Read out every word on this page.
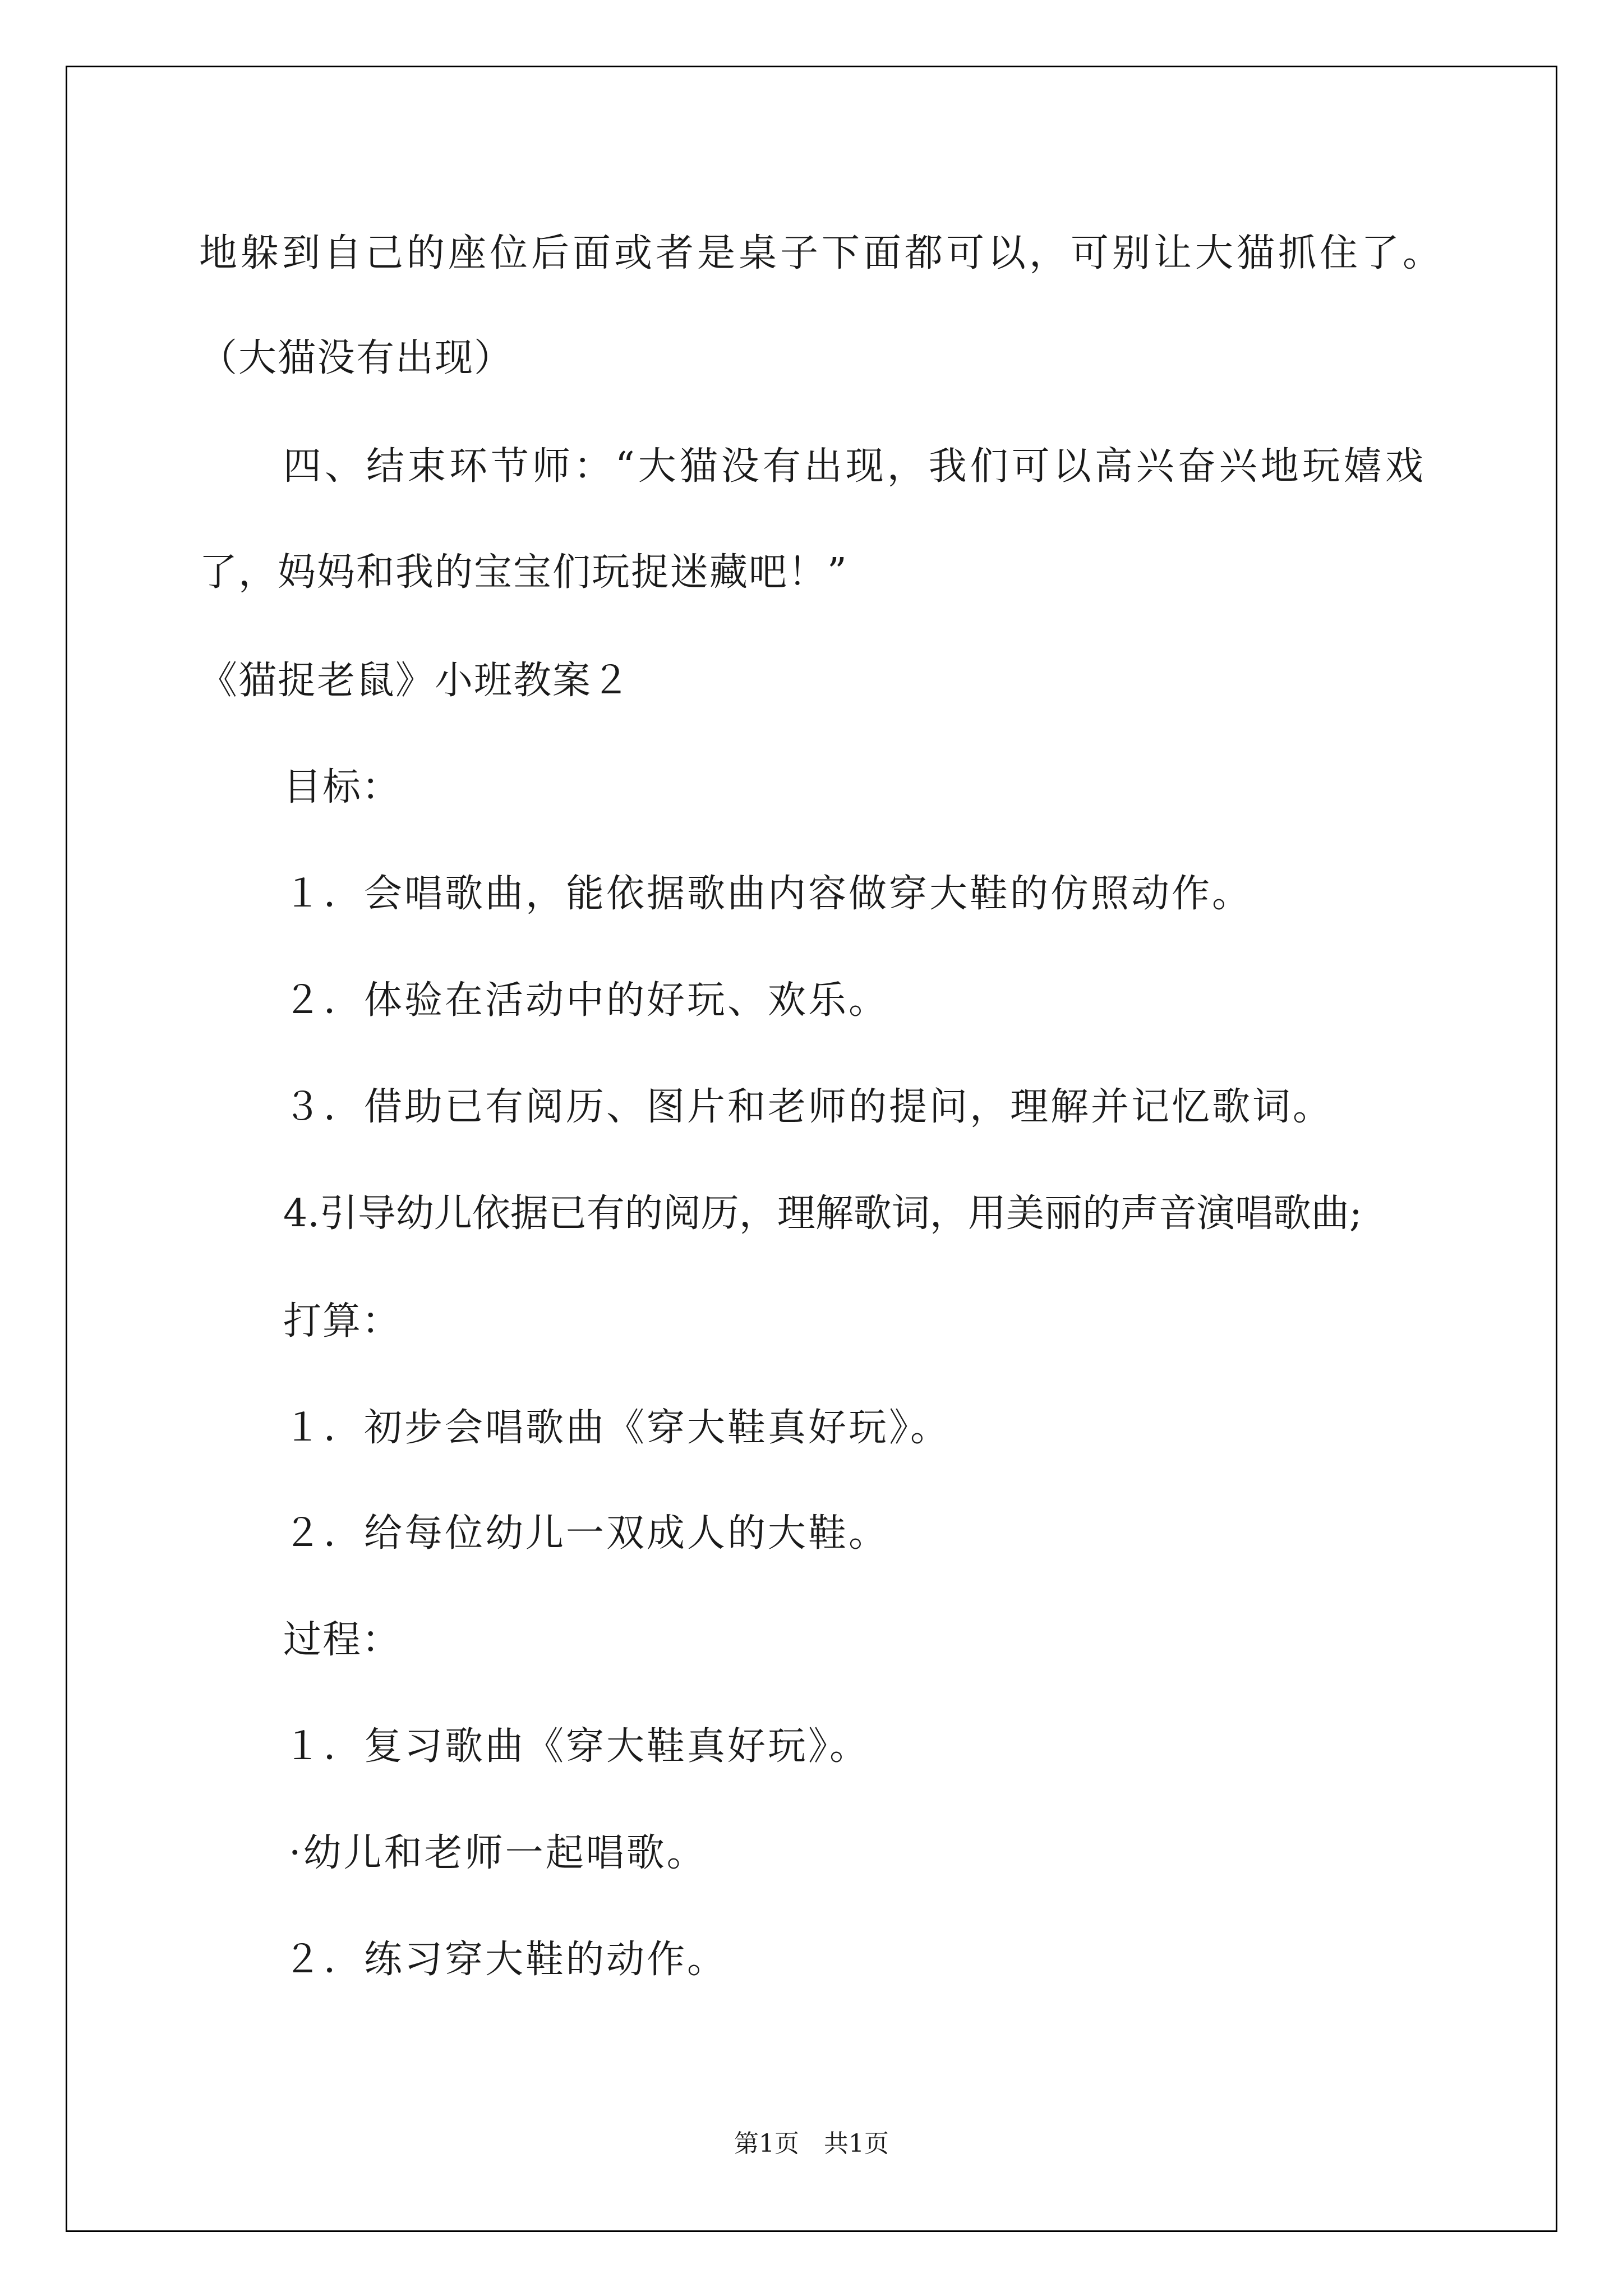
地躲到自己的座位后面或者是桌子下面都可以，可别让大猫抓住了。
（大猫没有出现）
四、结束环节师：“大猫没有出现，我们可以高兴奋兴地玩嬉戏
了，妈妈和我的宝宝们玩捉迷藏吧！”
《猫捉老鼠》小班教案２
目标：
１．会唱歌曲，能依据歌曲内容做穿大鞋的仿照动作。
２．体验在活动中的好玩、欢乐。
３．借助已有阅历、图片和老师的提问，理解并记忆歌词。
4.引导幼儿依据已有的阅历，理解歌词，用美丽的声音演唱歌曲;
打算：
１．初步会唱歌曲《穿大鞋真好玩》。
２．给每位幼儿一双成人的大鞋。
过程：
１．复习歌曲《穿大鞋真好玩》。
·幼儿和老师一起唱歌。
２．练习穿大鞋的动作。
第1页　共1页
